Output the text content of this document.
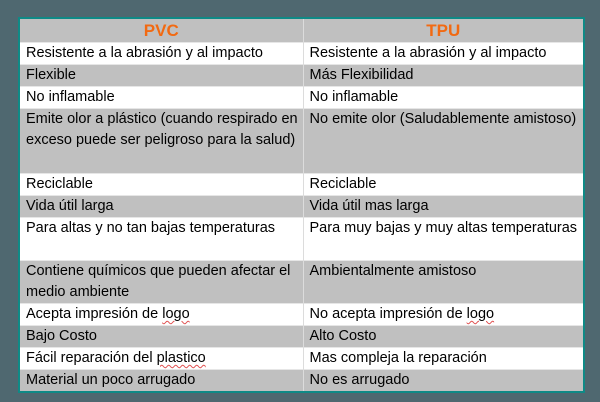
PVC	TPU
Resistente a la abrasión y al impacto	Resistente a la abrasión y al impacto
Flexible	Más Flexibilidad
No inflamable	No inflamable
Emite olor a plástico (cuando respirado en exceso puede ser peligroso para la salud)	No emite olor (Saludablemente amistoso)
Reciclable	Reciclable
Vida útil larga	Vida útil mas larga
Para altas y no tan bajas temperaturas	Para muy bajas y muy altas temperaturas
Contiene químicos que pueden afectar el medio ambiente	Ambientalmente amistoso
Acepta impresión de logo	No acepta impresión de logo
Bajo Costo	Alto Costo
Fácil reparación del plastico	Mas compleja la reparación
Material un poco arrugado	No es arrugado
